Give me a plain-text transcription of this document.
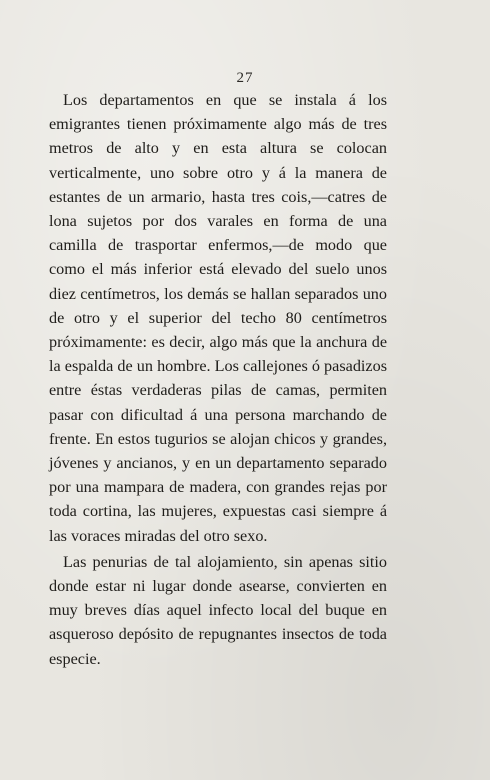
27

Los departamentos en que se instala á los emigrantes tienen próximamente algo más de tres metros de alto y en esta altura se colocan verticalmente, uno sobre otro y á la manera de estantes de un armario, hasta tres cois,—catres de lona sujetos por dos varales en forma de una camilla de trasportar enfermos,—de modo que como el más inferior está elevado del suelo unos diez centímetros, los demás se hallan separados uno de otro y el superior del techo 80 centímetros próximamente: es decir, algo más que la anchura de la espalda de un hombre. Los callejones ó pasadizos entre éstas verdaderas pilas de camas, permiten pasar con dificultad á una persona marchando de frente. En estos tugurios se alojan chicos y grandes, jóvenes y ancianos, y en un departamento separado por una mampara de madera, con grandes rejas por toda cortina, las mujeres, expuestas casi siempre á las voraces miradas del otro sexo.

Las penurias de tal alojamiento, sin apenas sitio donde estar ni lugar donde asearse, convierten en muy breves días aquel infecto local del buque en asqueroso depósito de repugnantes insectos de toda especie.
